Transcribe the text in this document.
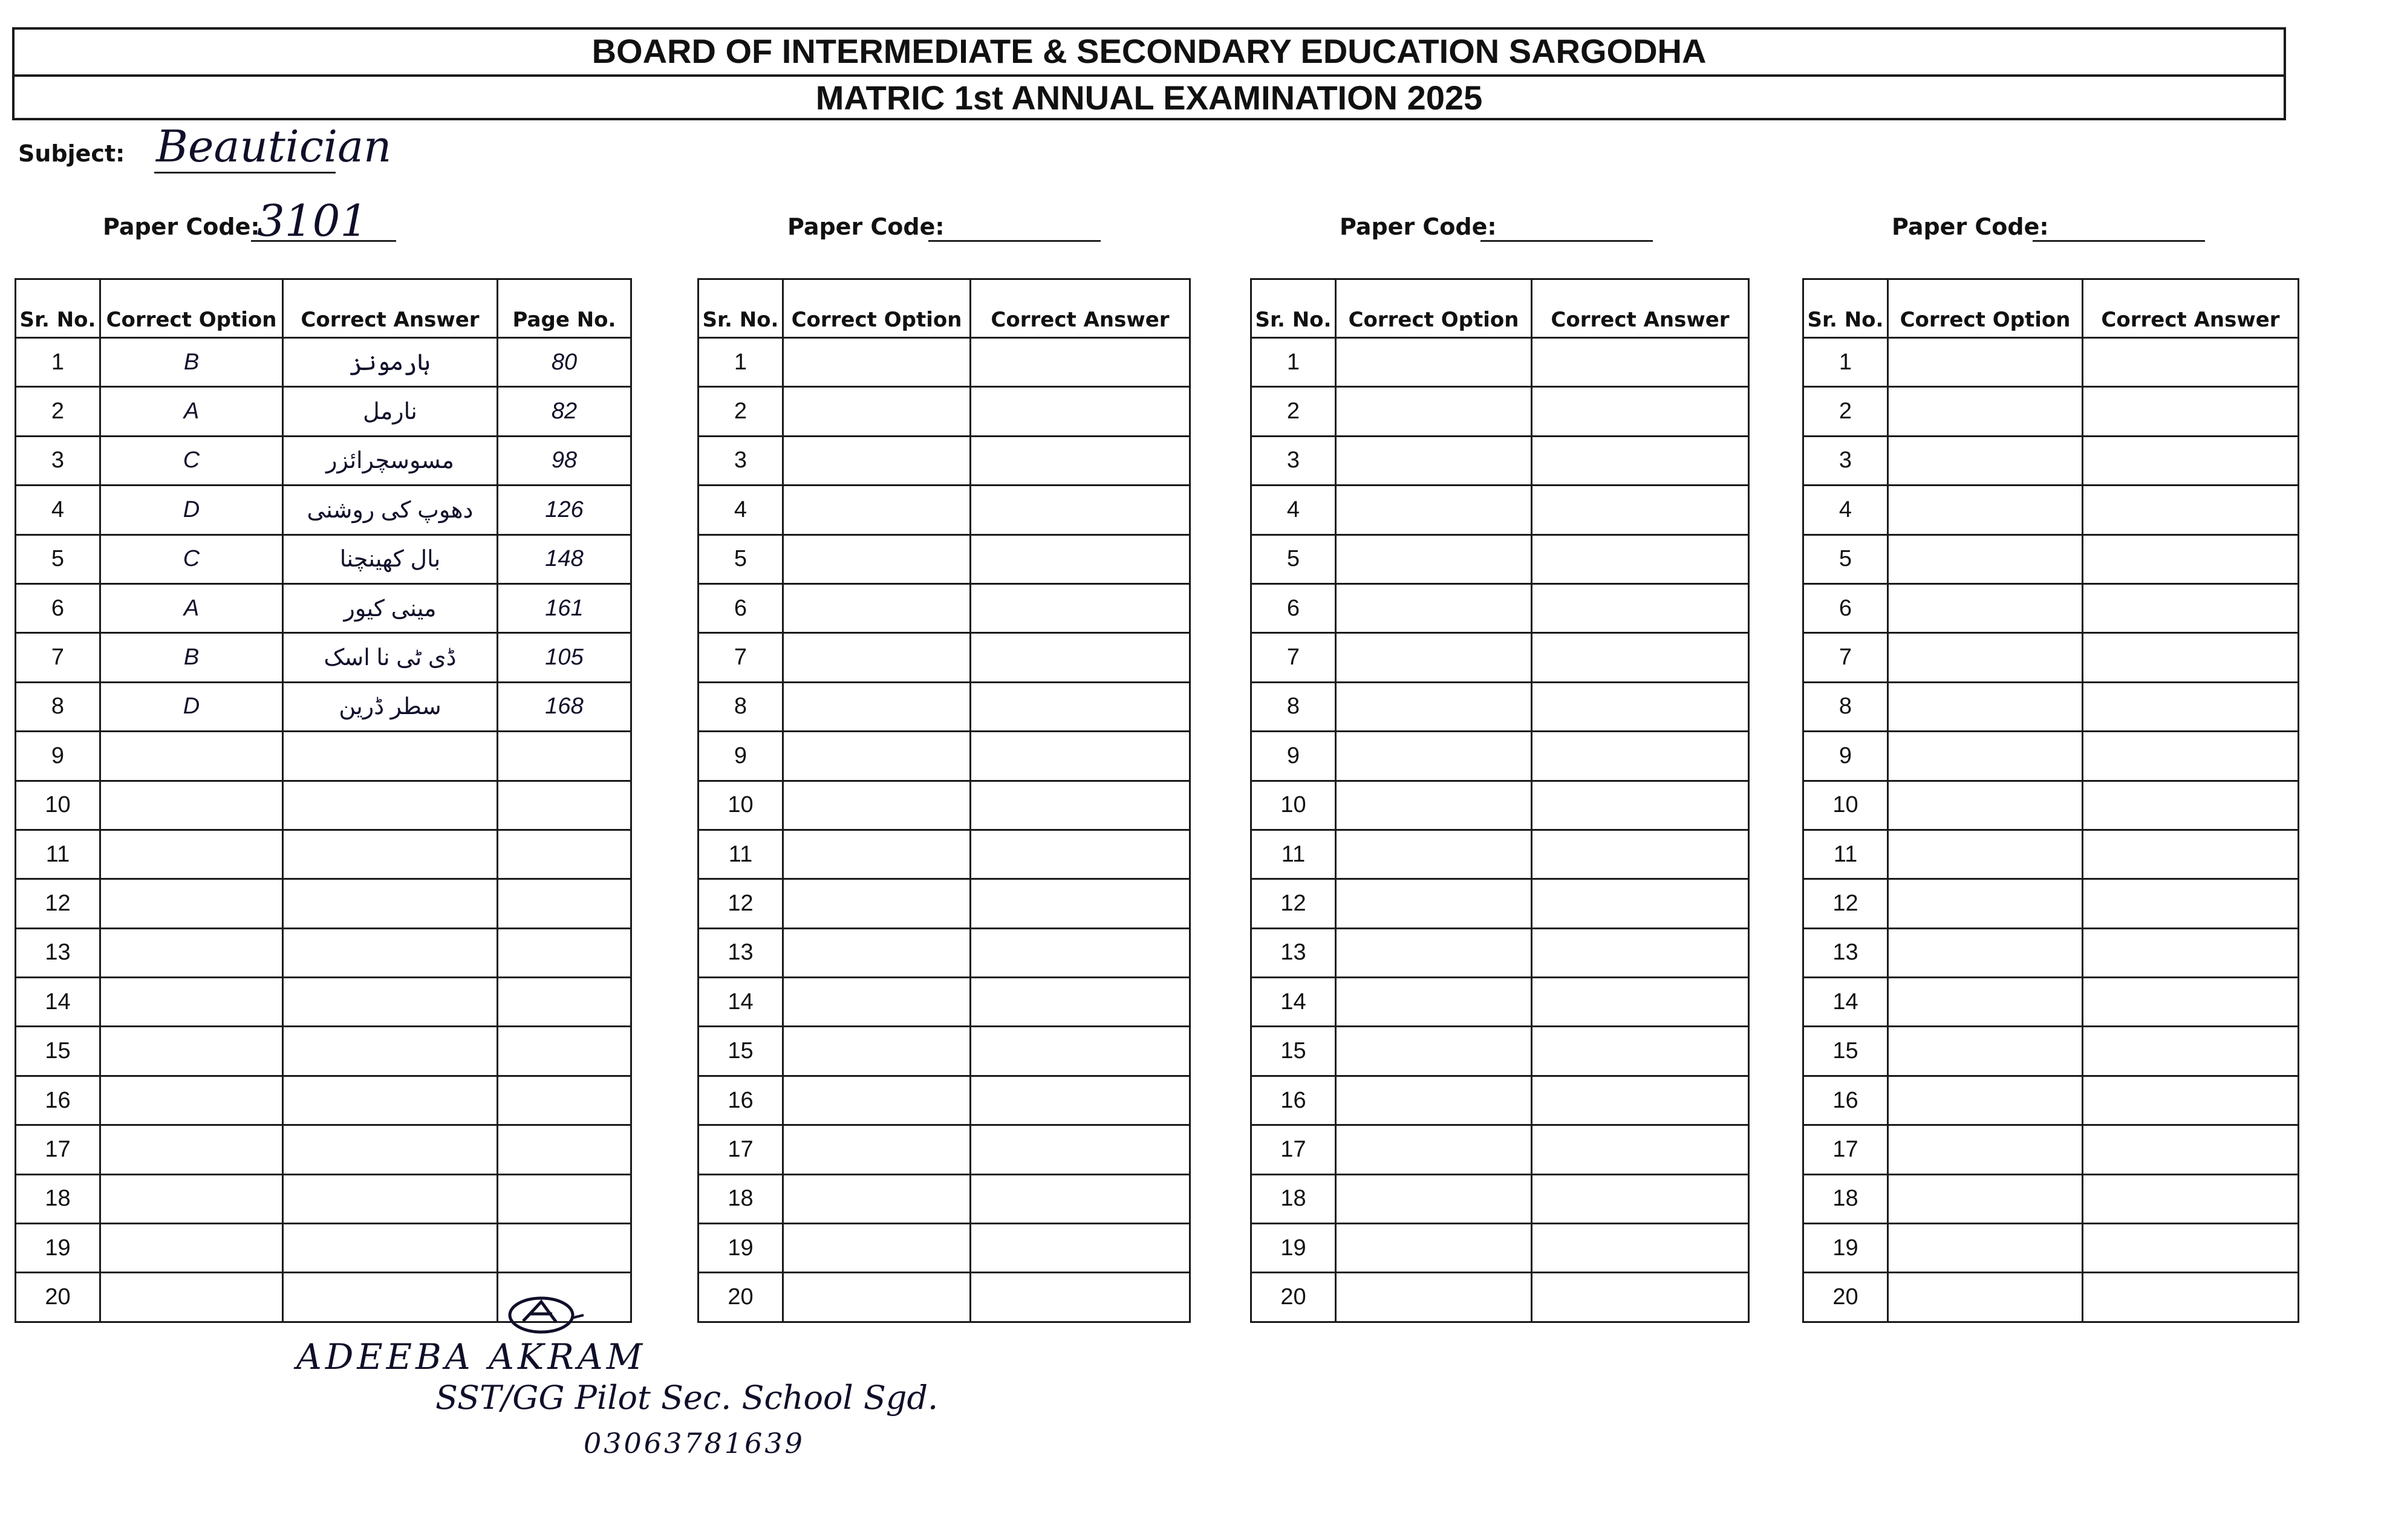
BOARD OF INTERMEDIATE & SECONDARY EDUCATION SARGODHA
MATRIC 1st ANNUAL EXAMINATION 2025
Subject: Beautician
Paper Code:
3101	Paper Code:	Paper Code:	Paper Code:
Sr. No.	Correct Option	Correct Answer	Page No.
1	B	ہارمونز	80
2	A	نارمل	82
3	C	مسوسچرائزر	98
4	D	دھوپ کی روشنی	126
5	C	بال کھینچنا	148
6	A	مینی کیور	161
7	B	ڈی ٹی نا اسک	105
8	D	سطر ڈرین	168
9			
10			
11			
12			
13			
14			
15			
16			
17			
18			
19			
20			
Sr. No.	Correct Option	Correct Answer
1		
2		
3		
4		
5		
6		
7		
8		
9		
10		
11		
12		
13		
14		
15		
16		
17		
18		
19		
20		
Sr. No.	Correct Option	Correct Answer
1		
2		
3		
4		
5		
6		
7		
8		
9		
10		
11		
12		
13		
14		
15		
16		
17		
18		
19		
20		
Sr. No.	Correct Option	Correct Answer
1		
2		
3		
4		
5		
6		
7		
8		
9		
10		
11		
12		
13		
14		
15		
16		
17		
18		
19		
20		
ADEEBA AKRAM
SST/GG Pilot Sec. School Sgd.
03063781639
